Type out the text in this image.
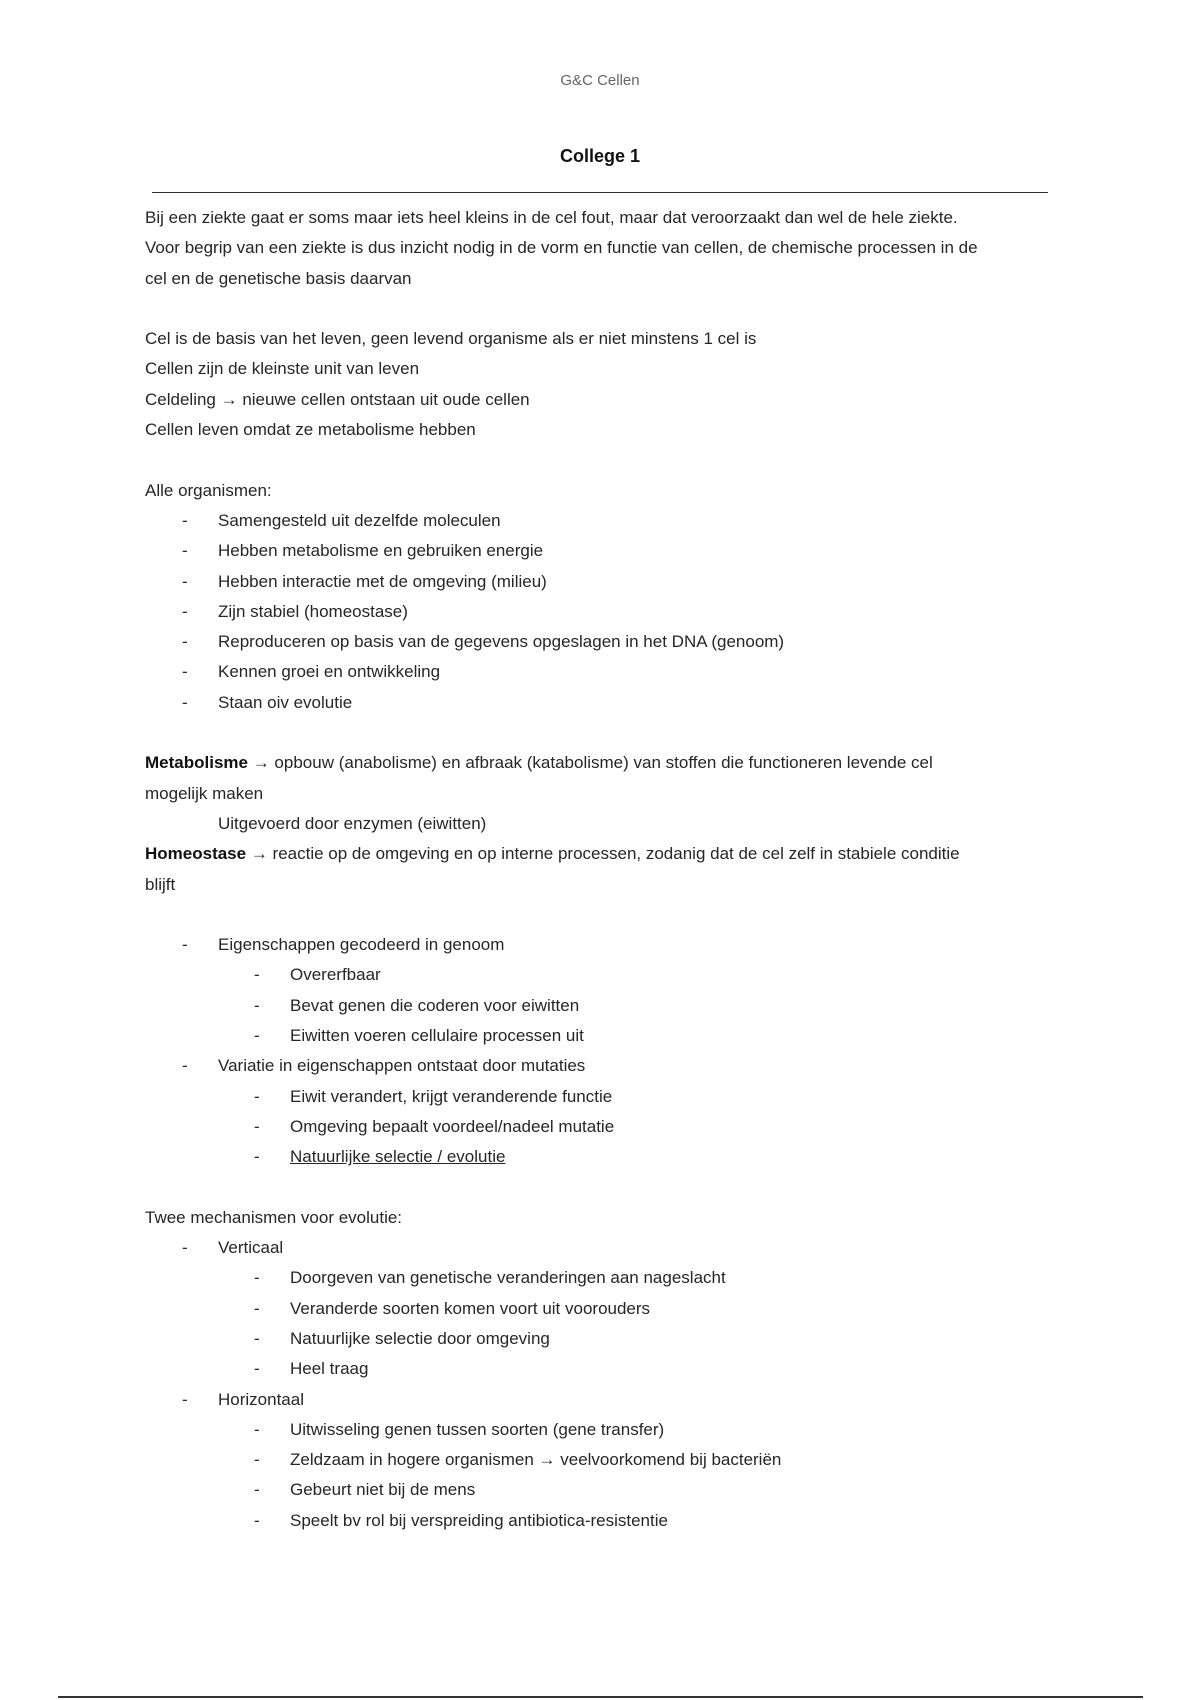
G&C Cellen
College 1
Bij een ziekte gaat er soms maar iets heel kleins in de cel fout, maar dat veroorzaakt dan wel de hele ziekte.
Voor begrip van een ziekte is dus inzicht nodig in de vorm en functie van cellen, de chemische processen in de
cel en de genetische basis daarvan
Cel is de basis van het leven, geen levend organisme als er niet minstens 1 cel is
Cellen zijn de kleinste unit van leven
Celdeling → nieuwe cellen ontstaan uit oude cellen
Cellen leven omdat ze metabolisme hebben
Alle organismen:
- Samengesteld uit dezelfde moleculen
- Hebben metabolisme en gebruiken energie
- Hebben interactie met de omgeving (milieu)
- Zijn stabiel (homeostase)
- Reproduceren op basis van de gegevens opgeslagen in het DNA (genoom)
- Kennen groei en ontwikkeling
- Staan oiv evolutie
Metabolisme → opbouw (anabolisme) en afbraak (katabolisme) van stoffen die functioneren levende cel
mogelijk maken
Uitgevoerd door enzymen (eiwitten)
Homeostase → reactie op de omgeving en op interne processen, zodanig dat de cel zelf in stabiele conditie
blijft
- Eigenschappen gecodeerd in genoom
- Overerfbaar
- Bevat genen die coderen voor eiwitten
- Eiwitten voeren cellulaire processen uit
- Variatie in eigenschappen ontstaat door mutaties
- Eiwit verandert, krijgt veranderende functie
- Omgeving bepaalt voordeel/nadeel mutatie
- Natuurlijke selectie / evolutie
Twee mechanismen voor evolutie:
- Verticaal
- Doorgeven van genetische veranderingen aan nageslacht
- Veranderde soorten komen voort uit voorouders
- Natuurlijke selectie door omgeving
- Heel traag
- Horizontaal
- Uitwisseling genen tussen soorten (gene transfer)
- Zeldzaam in hogere organismen → veelvoorkomend bij bacteriën
- Gebeurt niet bij de mens
- Speelt bv rol bij verspreiding antibiotica-resistentie
